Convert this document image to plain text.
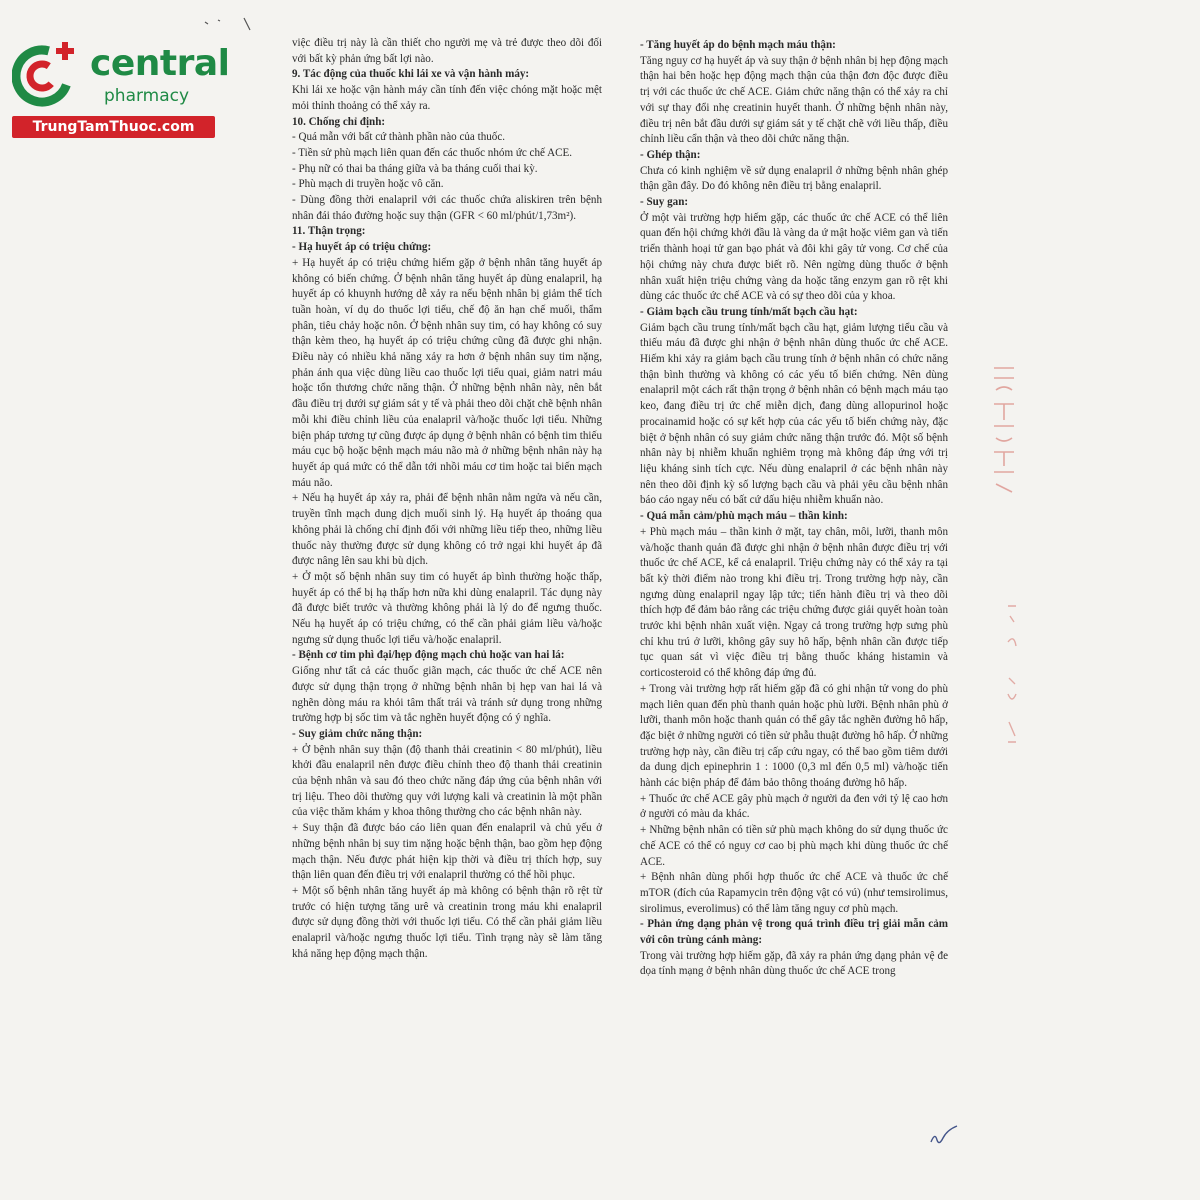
central
pharmacy
TrungTamThuoc.com

việc điều trị này là cần thiết cho người mẹ và trẻ được theo dõi đối với bất kỳ phản ứng bất lợi nào.

9. Tác động của thuốc khi lái xe và vận hành máy:

Khi lái xe hoặc vận hành máy cần tính đến việc chóng mặt hoặc mệt mỏi thỉnh thoảng có thể xảy ra.

10. Chống chỉ định:

- Quá mẫn với bất cứ thành phần nào của thuốc.

- Tiền sử phù mạch liên quan đến các thuốc nhóm ức chế ACE.

- Phụ nữ có thai ba tháng giữa và ba tháng cuối thai kỳ.

- Phù mạch di truyền hoặc vô căn.

- Dùng đồng thời enalapril với các thuốc chứa aliskiren trên bệnh nhân đái tháo đường hoặc suy thận (GFR < 60 ml/phút/1,73m²).

11. Thận trọng:

- Hạ huyết áp có triệu chứng:

+ Hạ huyết áp có triệu chứng hiếm gặp ở bệnh nhân tăng huyết áp không có biến chứng. Ở bệnh nhân tăng huyết áp dùng enalapril, hạ huyết áp có khuynh hướng dễ xảy ra nếu bệnh nhân bị giảm thể tích tuần hoàn, ví dụ do thuốc lợi tiểu, chế độ ăn hạn chế muối, thẩm phân, tiêu chảy hoặc nôn. Ở bệnh nhân suy tim, có hay không có suy thận kèm theo, hạ huyết áp có triệu chứng cũng đã được ghi nhận. Điều này có nhiều khả năng xảy ra hơn ở bệnh nhân suy tim nặng, phản ánh qua việc dùng liều cao thuốc lợi tiểu quai, giảm natri máu hoặc tổn thương chức năng thận. Ở những bệnh nhân này, nên bắt đầu điều trị dưới sự giám sát y tế và phải theo dõi chặt chẽ bệnh nhân mỗi khi điều chỉnh liều của enalapril và/hoặc thuốc lợi tiểu. Những biện pháp tương tự cũng được áp dụng ở bệnh nhân có bệnh tim thiếu máu cục bộ hoặc bệnh mạch máu não mà ở những bệnh nhân này hạ huyết áp quá mức có thể dẫn tới nhồi máu cơ tim hoặc tai biến mạch máu não.

+ Nếu hạ huyết áp xảy ra, phải để bệnh nhân nằm ngửa và nếu cần, truyền tĩnh mạch dung dịch muối sinh lý. Hạ huyết áp thoáng qua không phải là chống chỉ định đối với những liều tiếp theo, những liều thuốc này thường được sử dụng không có trở ngại khi huyết áp đã được nâng lên sau khi bù dịch.

+ Ở một số bệnh nhân suy tim có huyết áp bình thường hoặc thấp, huyết áp có thể bị hạ thấp hơn nữa khi dùng enalapril. Tác dụng này đã được biết trước và thường không phải là lý do để ngưng thuốc. Nếu hạ huyết áp có triệu chứng, có thể cần phải giảm liều và/hoặc ngưng sử dụng thuốc lợi tiểu và/hoặc enalapril.

- Bệnh cơ tim phì đại/hẹp động mạch chủ hoặc van hai lá:

Giống như tất cả các thuốc giãn mạch, các thuốc ức chế ACE nên được sử dụng thận trọng ở những bệnh nhân bị hẹp van hai lá và nghẽn dòng máu ra khỏi tâm thất trái và tránh sử dụng trong những trường hợp bị sốc tim và tắc nghẽn huyết động có ý nghĩa.

- Suy giảm chức năng thận:

+ Ở bệnh nhân suy thận (độ thanh thải creatinin < 80 ml/phút), liều khởi đầu enalapril nên được điều chỉnh theo độ thanh thải creatinin của bệnh nhân và sau đó theo chức năng đáp ứng của bệnh nhân với trị liệu. Theo dõi thường quy với lượng kali và creatinin là một phần của việc thăm khám y khoa thông thường cho các bệnh nhân này.

+ Suy thận đã được báo cáo liên quan đến enalapril và chủ yếu ở những bệnh nhân bị suy tim nặng hoặc bệnh thận, bao gồm hẹp động mạch thận. Nếu được phát hiện kịp thời và điều trị thích hợp, suy thận liên quan đến điều trị với enalapril thường có thể hồi phục.

+ Một số bệnh nhân tăng huyết áp mà không có bệnh thận rõ rệt từ trước có hiện tượng tăng urê và creatinin trong máu khi enalapril được sử dụng đồng thời với thuốc lợi tiểu. Có thể cần phải giảm liều enalapril và/hoặc ngưng thuốc lợi tiểu. Tình trạng này sẽ làm tăng khả năng hẹp động mạch thận.

- Tăng huyết áp do bệnh mạch máu thận:

Tăng nguy cơ hạ huyết áp và suy thận ở bệnh nhân bị hẹp động mạch thận hai bên hoặc hẹp động mạch thận của thận đơn độc được điều trị với các thuốc ức chế ACE. Giảm chức năng thận có thể xảy ra chỉ với sự thay đổi nhẹ creatinin huyết thanh. Ở những bệnh nhân này, điều trị nên bắt đầu dưới sự giám sát y tế chặt chẽ với liều thấp, điều chỉnh liều cẩn thận và theo dõi chức năng thận.

- Ghép thận:

Chưa có kinh nghiệm về sử dụng enalapril ở những bệnh nhân ghép thận gần đây. Do đó không nên điều trị bằng enalapril.

- Suy gan:

Ở một vài trường hợp hiếm gặp, các thuốc ức chế ACE có thể liên quan đến hội chứng khởi đầu là vàng da ứ mật hoặc viêm gan và tiến triển thành hoại tử gan bạo phát và đôi khi gây tử vong. Cơ chế của hội chứng này chưa được biết rõ. Nên ngừng dùng thuốc ở bệnh nhân xuất hiện triệu chứng vàng da hoặc tăng enzym gan rõ rệt khi dùng các thuốc ức chế ACE và có sự theo dõi của y khoa.

- Giảm bạch cầu trung tính/mất bạch cầu hạt:

Giảm bạch cầu trung tính/mất bạch cầu hạt, giảm lượng tiểu cầu và thiếu máu đã được ghi nhận ở bệnh nhân dùng thuốc ức chế ACE. Hiếm khi xảy ra giảm bạch cầu trung tính ở bệnh nhân có chức năng thận bình thường và không có các yếu tố biến chứng. Nên dùng enalapril một cách rất thận trọng ở bệnh nhân có bệnh mạch máu tạo keo, đang điều trị ức chế miễn dịch, đang dùng allopurinol hoặc procainamid hoặc có sự kết hợp của các yếu tố biến chứng này, đặc biệt ở bệnh nhân có suy giảm chức năng thận trước đó. Một số bệnh nhân này bị nhiễm khuẩn nghiêm trọng mà không đáp ứng với trị liệu kháng sinh tích cực. Nếu dùng enalapril ở các bệnh nhân này nên theo dõi định kỳ số lượng bạch cầu và phải yêu cầu bệnh nhân báo cáo ngay nếu có bất cứ dấu hiệu nhiễm khuẩn nào.

- Quá mẫn cảm/phù mạch máu – thần kinh:

+ Phù mạch máu – thần kinh ở mặt, tay chân, môi, lưỡi, thanh môn và/hoặc thanh quản đã được ghi nhận ở bệnh nhân được điều trị với thuốc ức chế ACE, kể cả enalapril. Triệu chứng này có thể xảy ra tại bất kỳ thời điểm nào trong khi điều trị. Trong trường hợp này, cần ngưng dùng enalapril ngay lập tức; tiến hành điều trị và theo dõi thích hợp để đảm bảo rằng các triệu chứng được giải quyết hoàn toàn trước khi bệnh nhân xuất viện. Ngay cả trong trường hợp sưng phù chỉ khu trú ở lưỡi, không gây suy hô hấp, bệnh nhân cần được tiếp tục quan sát vì việc điều trị bằng thuốc kháng histamin và corticosteroid có thể không đáp ứng đủ.

+ Trong vài trường hợp rất hiếm gặp đã có ghi nhận tử vong do phù mạch liên quan đến phù thanh quản hoặc phù lưỡi. Bệnh nhân phù ở lưỡi, thanh môn hoặc thanh quản có thể gây tắc nghẽn đường hô hấp, đặc biệt ở những người có tiền sử phẫu thuật đường hô hấp. Ở những trường hợp này, cần điều trị cấp cứu ngay, có thể bao gồm tiêm dưới da dung dịch epinephrin 1 : 1000 (0,3 ml đến 0,5 ml) và/hoặc tiến hành các biện pháp để đảm bảo thông thoáng đường hô hấp.

+ Thuốc ức chế ACE gây phù mạch ở người da đen với tỷ lệ cao hơn ở người có màu da khác.

+ Những bệnh nhân có tiền sử phù mạch không do sử dụng thuốc ức chế ACE có thể có nguy cơ cao bị phù mạch khi dùng thuốc ức chế ACE.

+ Bệnh nhân dùng phối hợp thuốc ức chế ACE và thuốc ức chế mTOR (đích của Rapamycin trên động vật có vú) (như temsirolimus, sirolimus, everolimus) có thể làm tăng nguy cơ phù mạch.

- Phản ứng dạng phản vệ trong quá trình điều trị giải mẫn cảm với côn trùng cánh màng:

Trong vài trường hợp hiếm gặp, đã xảy ra phản ứng dạng phản vệ đe dọa tính mạng ở bệnh nhân dùng thuốc ức chế ACE trong
